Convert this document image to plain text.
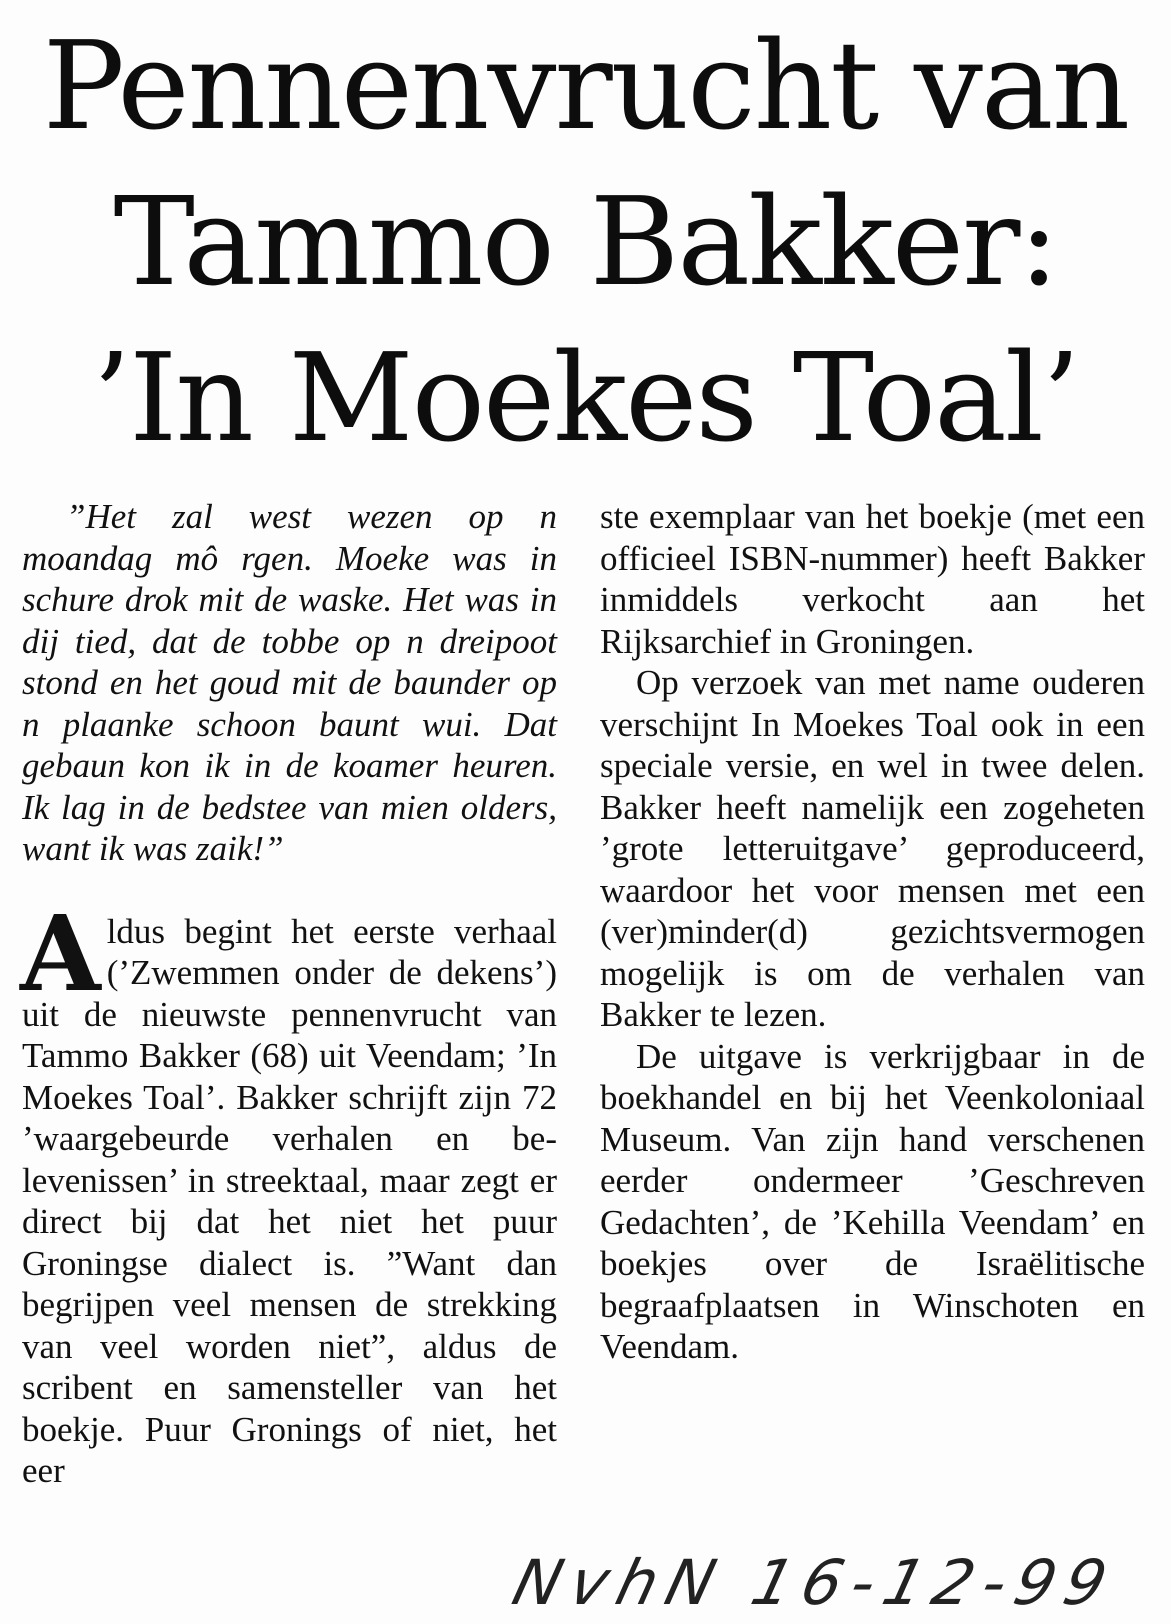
Pennenvrucht van
Tammo Bakker:
’In Moekes Toal’

”Het zal west wezen op n moandag mô rgen. Moeke was in schure drok mit de waske. Het was in dij tied, dat de tobbe op n dreipoot stond en het goud mit de baunder op n plaanke schoon baunt wui. Dat gebaun kon ik in de koamer heuren. Ik lag in de bedstee van mien olders, want ik was zaik!”

Aldus begint het eerste verhaal (’Zwemmen onder de dekens’) uit de nieuwste pennenvrucht van Tammo Bakker (68) uit Veendam; ’In Moekes Toal’. Bakker schrijft zijn 72 ’waargebeurde verhalen en belevenissen’ in streektaal, maar zegt er direct bij dat het niet het puur Groningse dialect is. ”Want dan begrijpen veel mensen de strekking van veel worden niet”, aldus de scribent en samensteller van het boekje. Puur Gronings of niet, het eer

ste exemplaar van het boekje (met een officieel ISBN-nummer) heeft Bakker inmiddels verkocht aan het Rijksarchief in Groningen.

Op verzoek van met name ouderen verschijnt In Moekes Toal ook in een speciale versie, en wel in twee delen. Bakker heeft namelijk een zogeheten ’grote letteruitgave’ geproduceerd, waardoor het voor mensen met een (ver)minder(d) gezichtsvermogen mogelijk is om de verhalen van Bakker te lezen.

De uitgave is verkrijgbaar in de boekhandel en bij het Veenkoloniaal Museum. Van zijn hand verschenen eerder ondermeer ’Geschreven Gedachten’, de ’Kehilla Veendam’ en boekjes over de Israëlitische begraafplaatsen in Winschoten en Veendam.

NvhN 16-12-99
